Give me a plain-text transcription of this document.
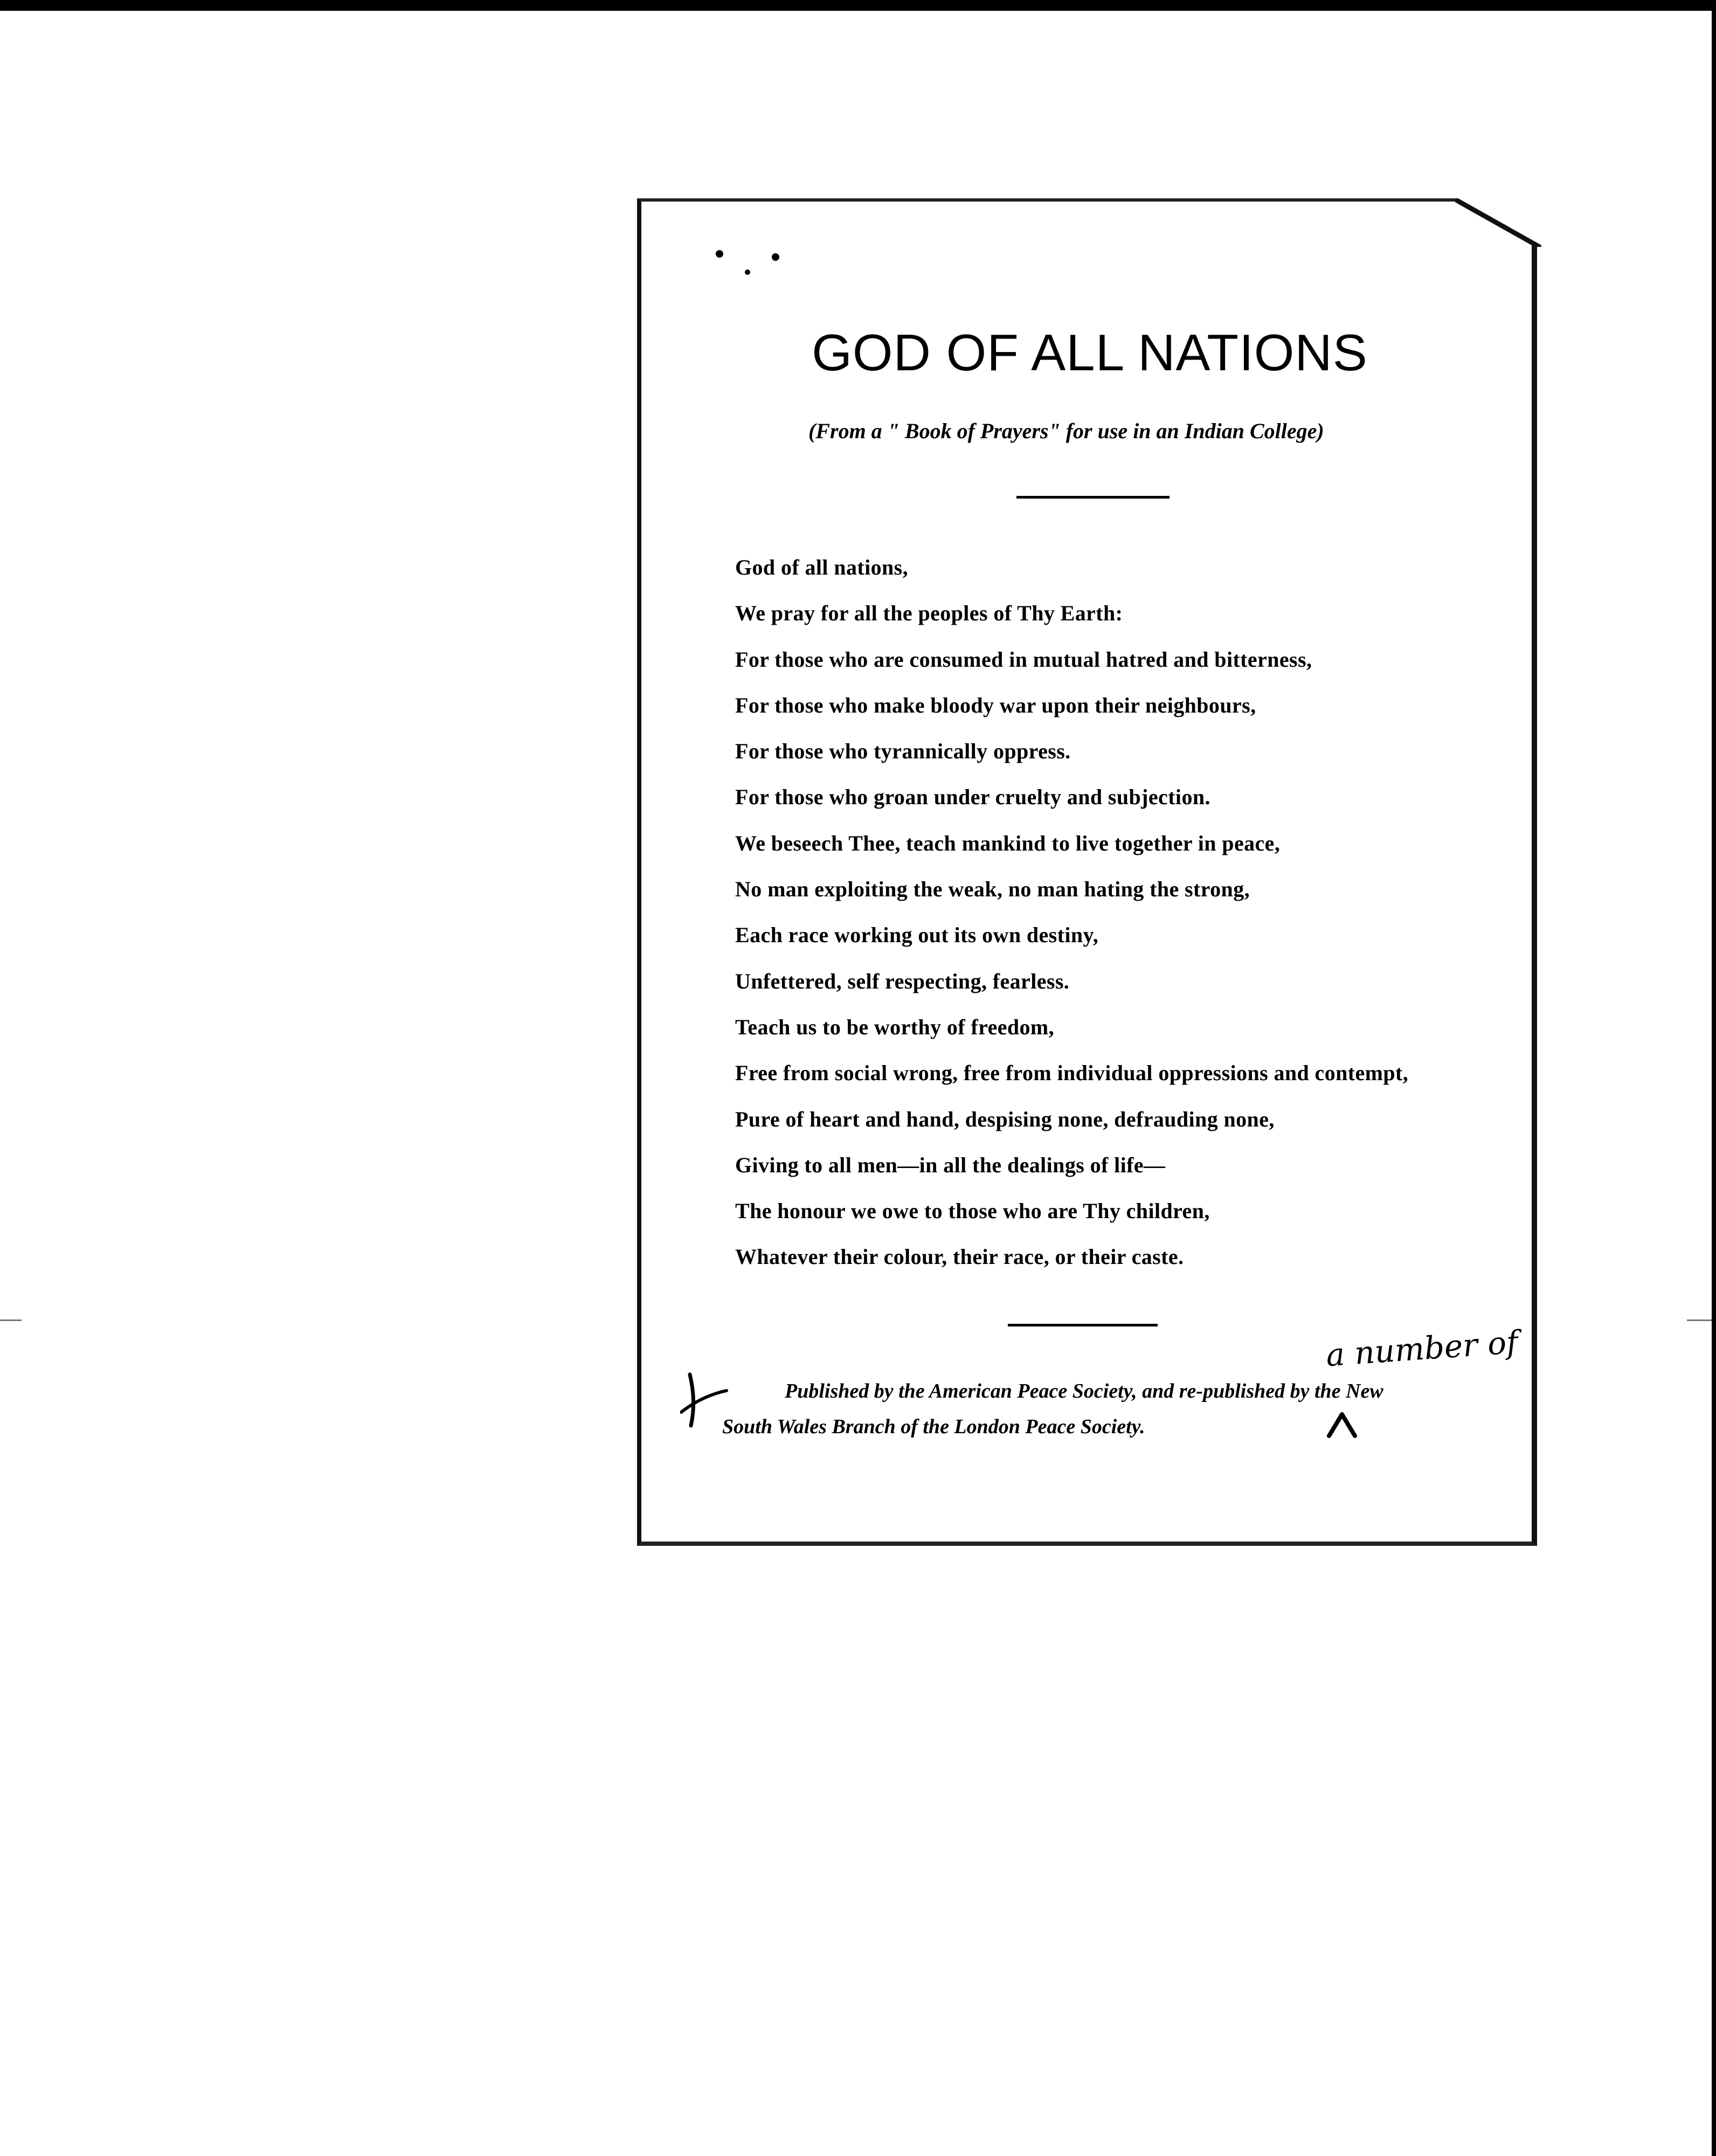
GOD OF ALL NATIONS
(From a " Book of Prayers" for use in an Indian College)
God of all nations,
We pray for all the peoples of Thy Earth:
For those who are consumed in mutual hatred and bitterness,
For those who make bloody war upon their neighbours,
For those who tyrannically oppress.
For those who groan under cruelty and subjection.
We beseech Thee, teach mankind to live together in peace,
No man exploiting the weak, no man hating the strong,
Each race working out its own destiny,
Unfettered, self respecting, fearless.
Teach us to be worthy of freedom,
Free from social wrong, free from individual oppressions and contempt,
Pure of heart and hand, despising none, defrauding none,
Giving to all men—in all the dealings of life—
The honour we owe to those who are Thy children,
Whatever their colour, their race, or their caste.
a number of
Published by the American Peace Society, and re-published by the New
South Wales Branch of the London Peace Society.
